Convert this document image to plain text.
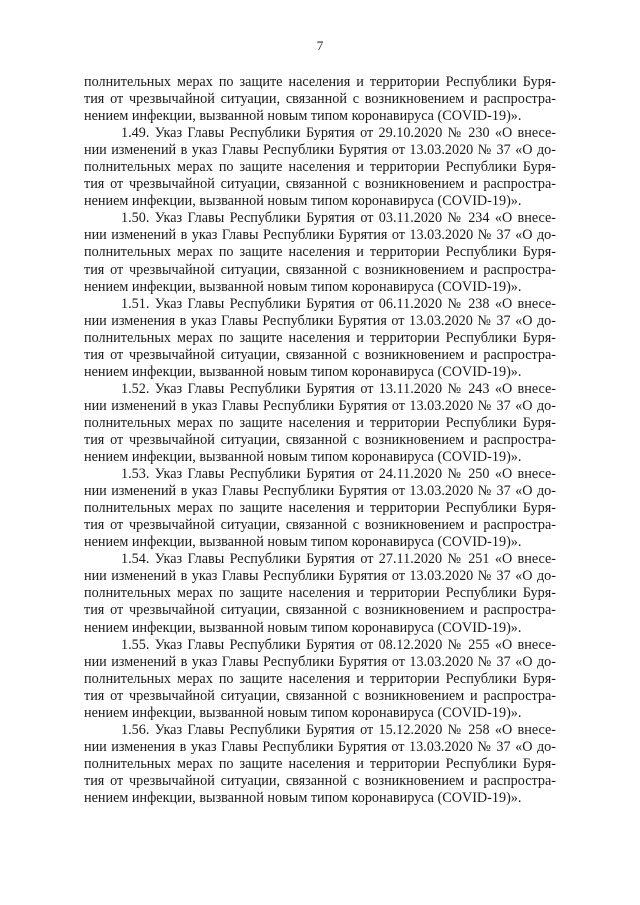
7
полнительных мерах по защите населения и территории Республики Буря-
тия от чрезвычайной ситуации, связанной с возникновением и распростра-
нением инфекции, вызванной новым типом коронавируса (COVID-19)».
1.49. Указ Главы Республики Бурятия от 29.10.2020 № 230 «О внесе-
нии изменений в указ Главы Республики Бурятия от 13.03.2020 № 37 «О до-
полнительных мерах по защите населения и территории Республики Буря-
тия от чрезвычайной ситуации, связанной с возникновением и распростра-
нением инфекции, вызванной новым типом коронавируса (COVID-19)».
1.50. Указ Главы Республики Бурятия от 03.11.2020 № 234 «О внесе-
нии изменений в указ Главы Республики Бурятия от 13.03.2020 № 37 «О до-
полнительных мерах по защите населения и территории Республики Буря-
тия от чрезвычайной ситуации, связанной с возникновением и распростра-
нением инфекции, вызванной новым типом коронавируса (COVID-19)».
1.51. Указ Главы Республики Бурятия от 06.11.2020 № 238 «О внесе-
нии изменения в указ Главы Республики Бурятия от 13.03.2020 № 37 «О до-
полнительных мерах по защите населения и территории Республики Буря-
тия от чрезвычайной ситуации, связанной с возникновением и распростра-
нением инфекции, вызванной новым типом коронавируса (COVID-19)».
1.52. Указ Главы Республики Бурятия от 13.11.2020 № 243 «О внесе-
нии изменений в указ Главы Республики Бурятия от 13.03.2020 № 37 «О до-
полнительных мерах по защите населения и территории Республики Буря-
тия от чрезвычайной ситуации, связанной с возникновением и распростра-
нением инфекции, вызванной новым типом коронавируса (COVID-19)».
1.53. Указ Главы Республики Бурятия от 24.11.2020 № 250 «О внесе-
нии изменений в указ Главы Республики Бурятия от 13.03.2020 № 37 «О до-
полнительных мерах по защите населения и территории Республики Буря-
тия от чрезвычайной ситуации, связанной с возникновением и распростра-
нением инфекции, вызванной новым типом коронавируса (COVID-19)».
1.54. Указ Главы Республики Бурятия от 27.11.2020 № 251 «О внесе-
нии изменений в указ Главы Республики Бурятия от 13.03.2020 № 37 «О до-
полнительных мерах по защите населения и территории Республики Буря-
тия от чрезвычайной ситуации, связанной с возникновением и распростра-
нением инфекции, вызванной новым типом коронавируса (COVID-19)».
1.55. Указ Главы Республики Бурятия от 08.12.2020 № 255 «О внесе-
нии изменений в указ Главы Республики Бурятия от 13.03.2020 № 37 «О до-
полнительных мерах по защите населения и территории Республики Буря-
тия от чрезвычайной ситуации, связанной с возникновением и распростра-
нением инфекции, вызванной новым типом коронавируса (COVID-19)».
1.56. Указ Главы Республики Бурятия от 15.12.2020 № 258 «О внесе-
нии изменения в указ Главы Республики Бурятия от 13.03.2020 № 37 «О до-
полнительных мерах по защите населения и территории Республики Буря-
тия от чрезвычайной ситуации, связанной с возникновением и распростра-
нением инфекции, вызванной новым типом коронавируса (COVID-19)».
